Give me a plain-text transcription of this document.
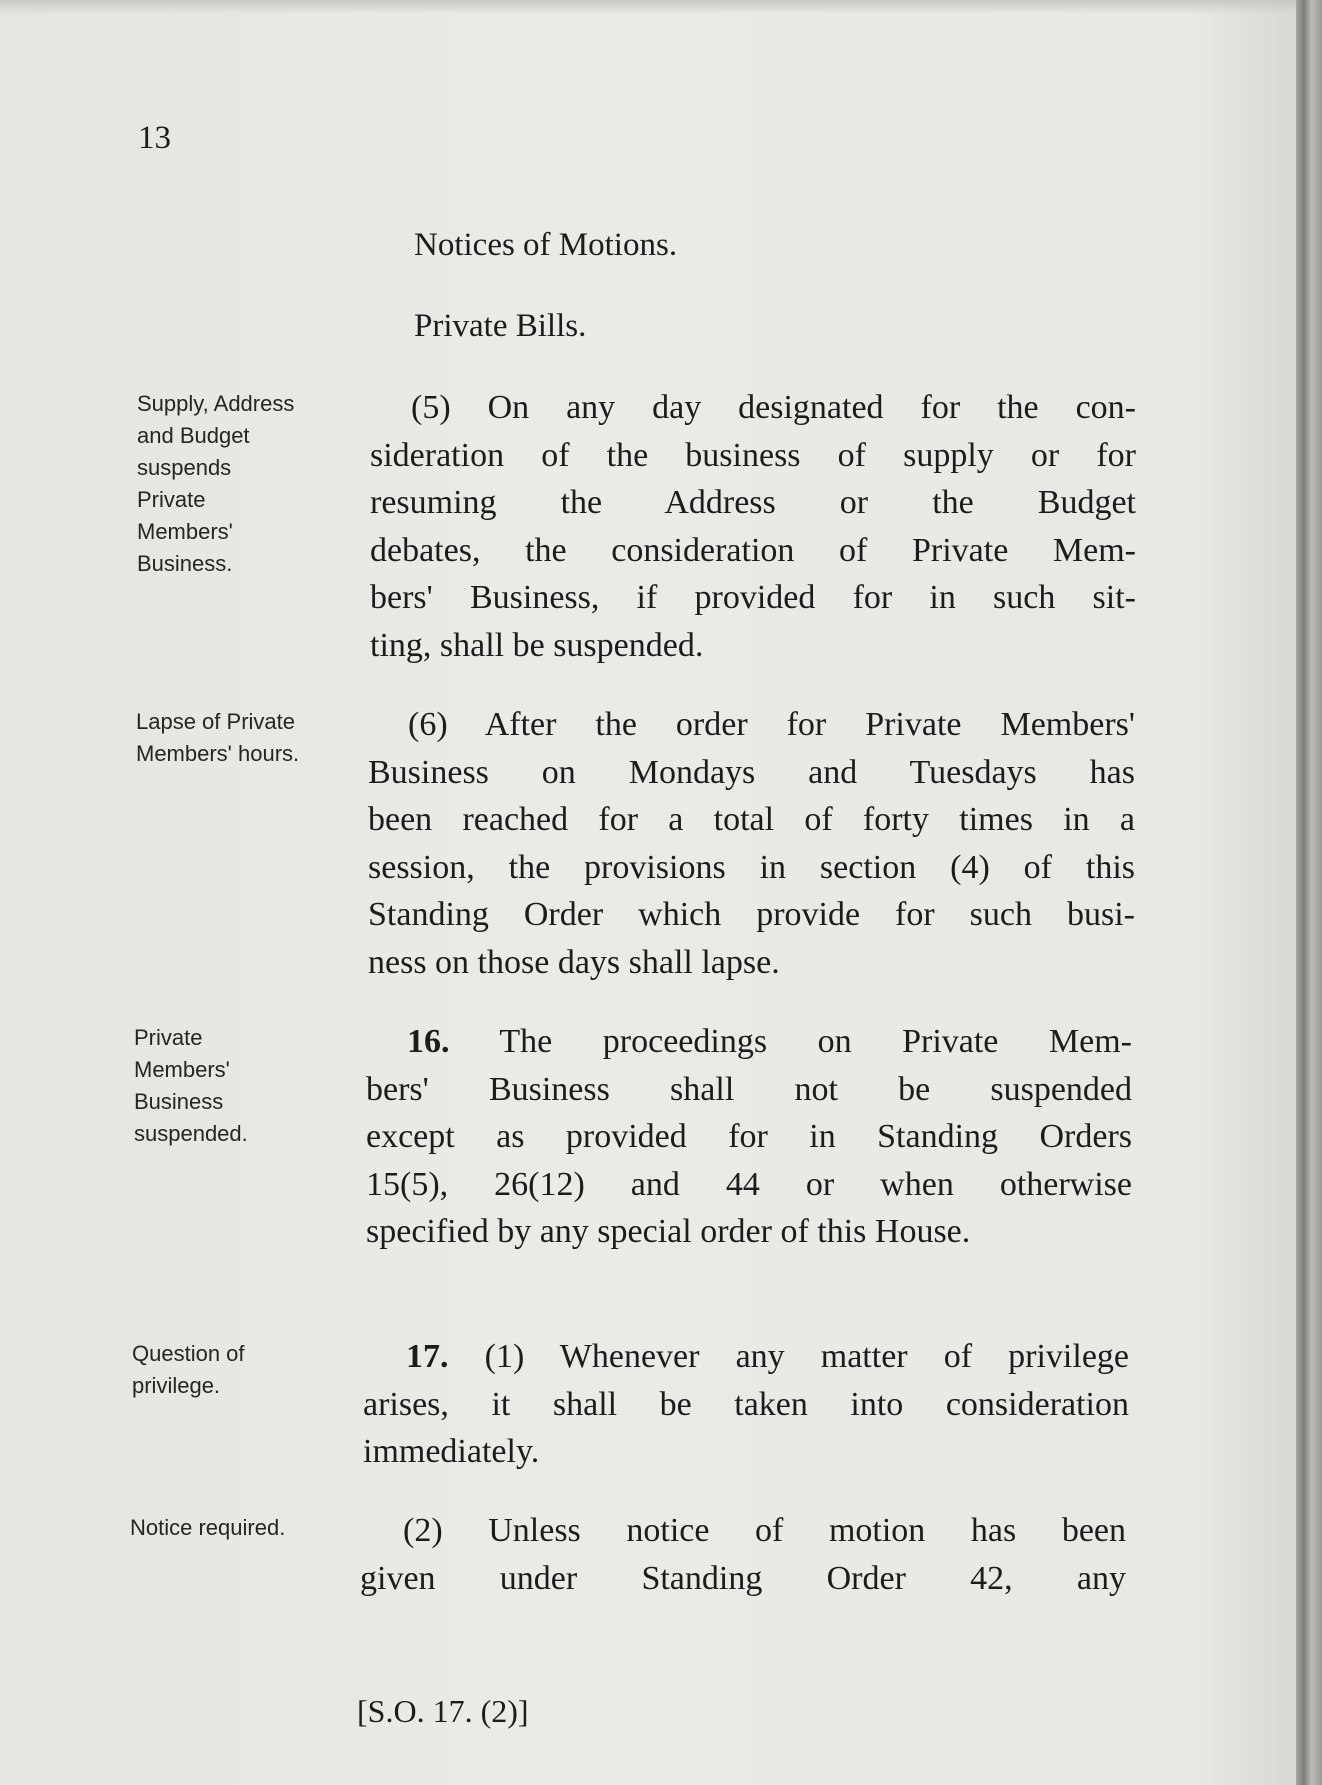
13
Notices of Motions.
Private Bills.
Supply, Address
and Budget
suspends
Private
Members'
Business.
Lapse of Private
Members' hours.
Private
Members'
Business
suspended.
Question of
privilege.
Notice required.
(5) On any day designated for the con-
sideration of the business of supply or for
resuming the Address or the Budget
debates, the consideration of Private Mem-
bers' Business, if provided for in such sit-
ting, shall be suspended.
(6) After the order for Private Members'
Business on Mondays and Tuesdays has
been reached for a total of forty times in a
session, the provisions in section (4) of this
Standing Order which provide for such busi-
ness on those days shall lapse.
16. The proceedings on Private Mem-
bers' Business shall not be suspended
except as provided for in Standing Orders
15(5), 26(12) and 44 or when otherwise
specified by any special order of this House.
17. (1) Whenever any matter of privilege
arises, it shall be taken into consideration
immediately.
(2) Unless notice of motion has been
given under Standing Order 42, any
[S.O. 17. (2)]
